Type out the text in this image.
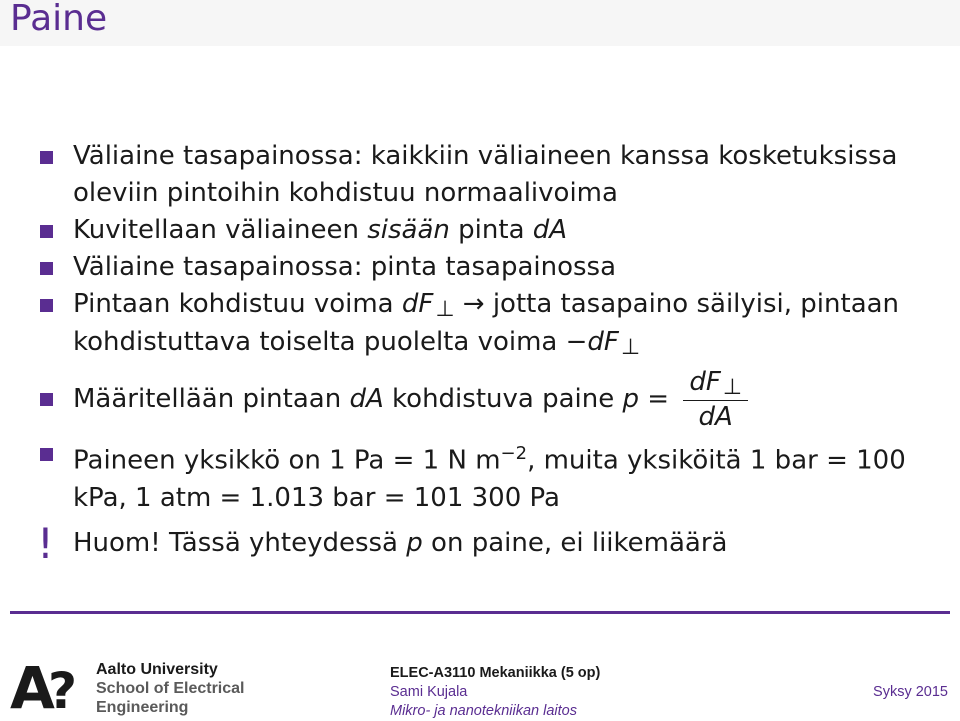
Paine
Väliaine tasapainossa: kaikkiin väliaineen kanssa kosketuksissa oleviin pintoihin kohdistuu normaalivoima
Kuvitellaan väliaineen sisään pinta dA
Väliaine tasapainossa: pinta tasapainossa
Pintaan kohdistuu voima dF⊥ → jotta tasapaino säilyisi, pintaan kohdistuttava toiselta puolelta voima −dF⊥
Määritellään pintaan dA kohdistuva paine $p = \frac{dF\perp}{dA}$
Paineen yksikkö on 1 Pa = 1 N $m^{-2}$, muita yksiköitä 1 bar = 100 kPa, 1 atm = 1.013 bar = 101 300 Pa
! Huom! Tässä yhteydessä p on paine, ei liikemäärä
A
? Aalto University
School of Electrical
Engineering
ELEC-A3110 Mekaniikka (5 op)
Sami Kujala
Mikro- ja nanotekniikan laitos
Syksy 2015
